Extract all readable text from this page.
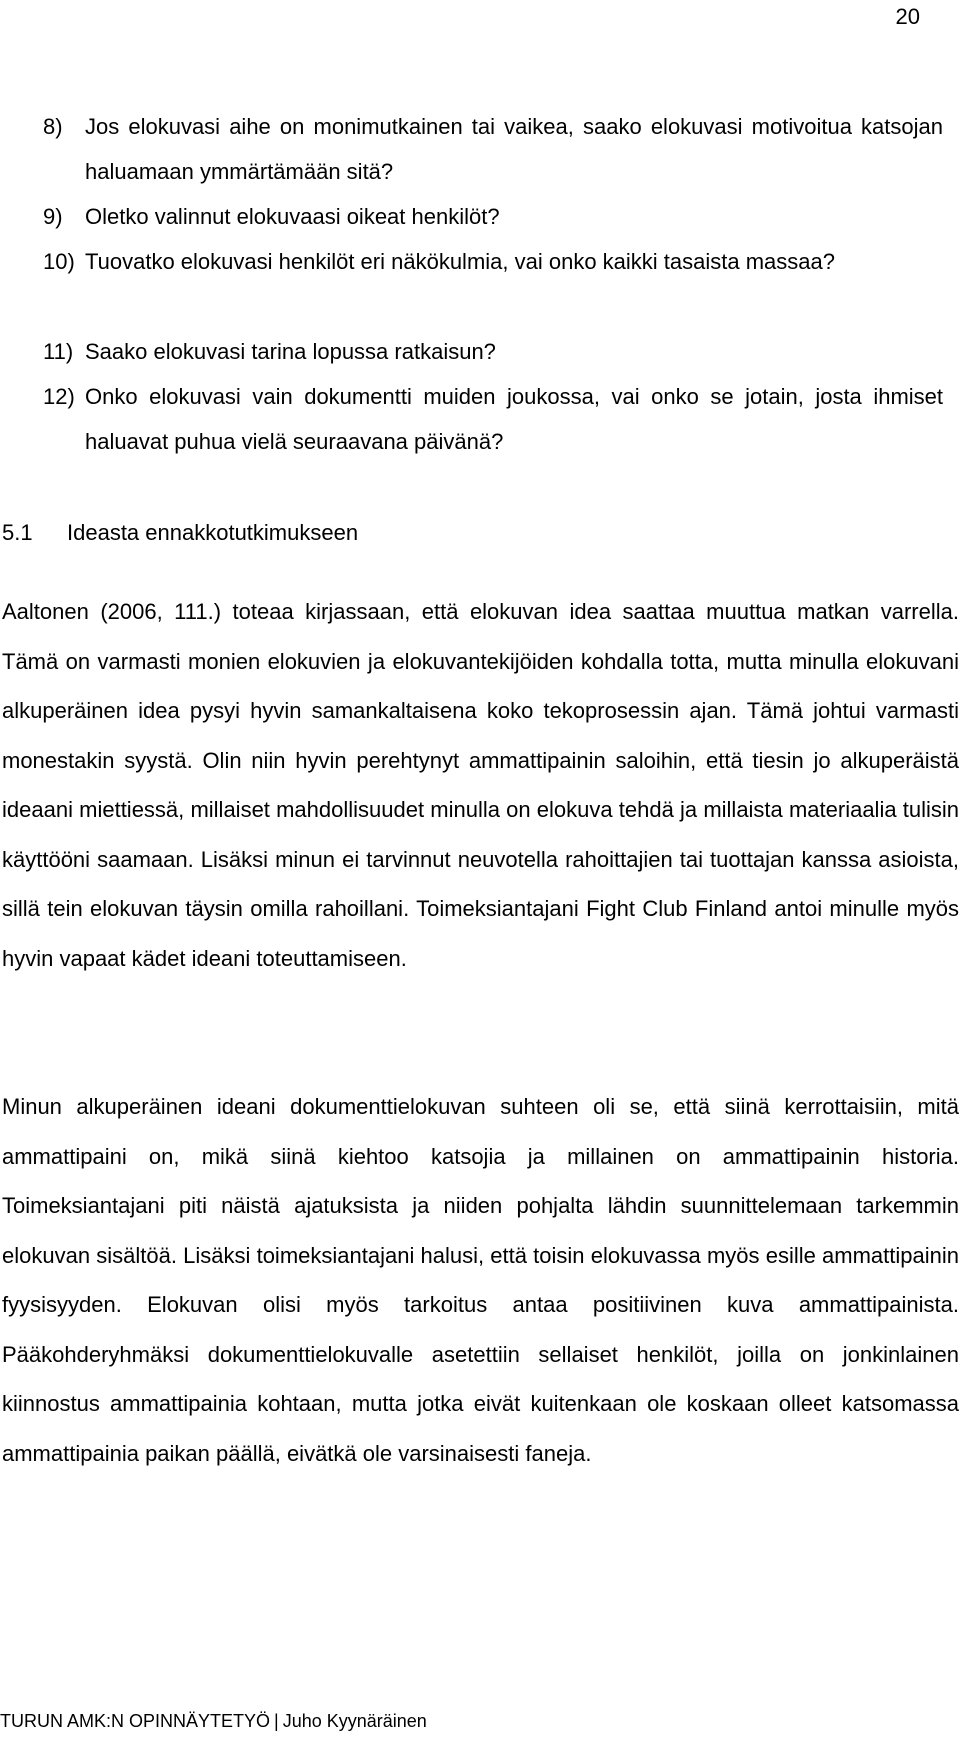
20
8)	Jos elokuvasi aihe on monimutkainen tai vaikea, saako elokuvasi motivoitua katsojan haluamaan ymmärtämään sitä?
9)	Oletko valinnut elokuvaasi oikeat henkilöt?
10) Tuovatko elokuvasi henkilöt eri näkökulmia, vai onko kaikki tasaista massaa?
11) Saako elokuvasi tarina lopussa ratkaisun?
12) Onko elokuvasi vain dokumentti muiden joukossa, vai onko se jotain, josta ihmiset haluavat puhua vielä seuraavana päivänä?
5.1 Ideasta ennakkotutkimukseen

Aaltonen (2006, 111.) toteaa kirjassaan, että elokuvan idea saattaa muuttua matkan varrella. Tämä on varmasti monien elokuvien ja elokuvantekijöiden kohdalla totta, mutta minulla elokuvani alkuperäinen idea pysyi hyvin samankaltaisena koko tekoprosessin ajan. Tämä johtui varmasti monestakin syystä. Olin niin hyvin perehtynyt ammattipainin saloihin, että tiesin jo alkuperäistä ideaani miettiessä, millaiset mahdollisuudet minulla on elokuva tehdä ja millaista materiaalia tulisin käyttööni saamaan. Lisäksi minun ei tarvinnut neuvotella rahoittajien tai tuottajan kanssa asioista, sillä tein elokuvan täysin omilla rahoillani. Toimeksiantajani Fight Club Finland antoi minulle myös hyvin vapaat kädet ideani toteuttamiseen.

Minun alkuperäinen ideani dokumenttielokuvan suhteen oli se, että siinä kerrottaisiin, mitä ammattipaini on, mikä siinä kiehtoo katsojia ja millainen on ammattipainin historia. Toimeksiantajani piti näistä ajatuksista ja niiden pohjalta lähdin suunnittelemaan tarkemmin elokuvan sisältöä. Lisäksi toimeksiantajani halusi, että toisin elokuvassa myös esille ammattipainin fyysisyyden. Elokuvan olisi myös tarkoitus antaa positiivinen kuva ammattipainista. Pääkohderyhmäksi dokumenttielokuvalle asetettiin sellaiset henkilöt, joilla on jonkinlainen kiinnostus ammattipainia kohtaan, mutta jotka eivät kuitenkaan ole koskaan olleet katsomassa ammattipainia paikan päällä, eivätkä ole varsinaisesti faneja.

TURUN AMK:N OPINNÄYTETYÖ | Juho Kyynäräinen
